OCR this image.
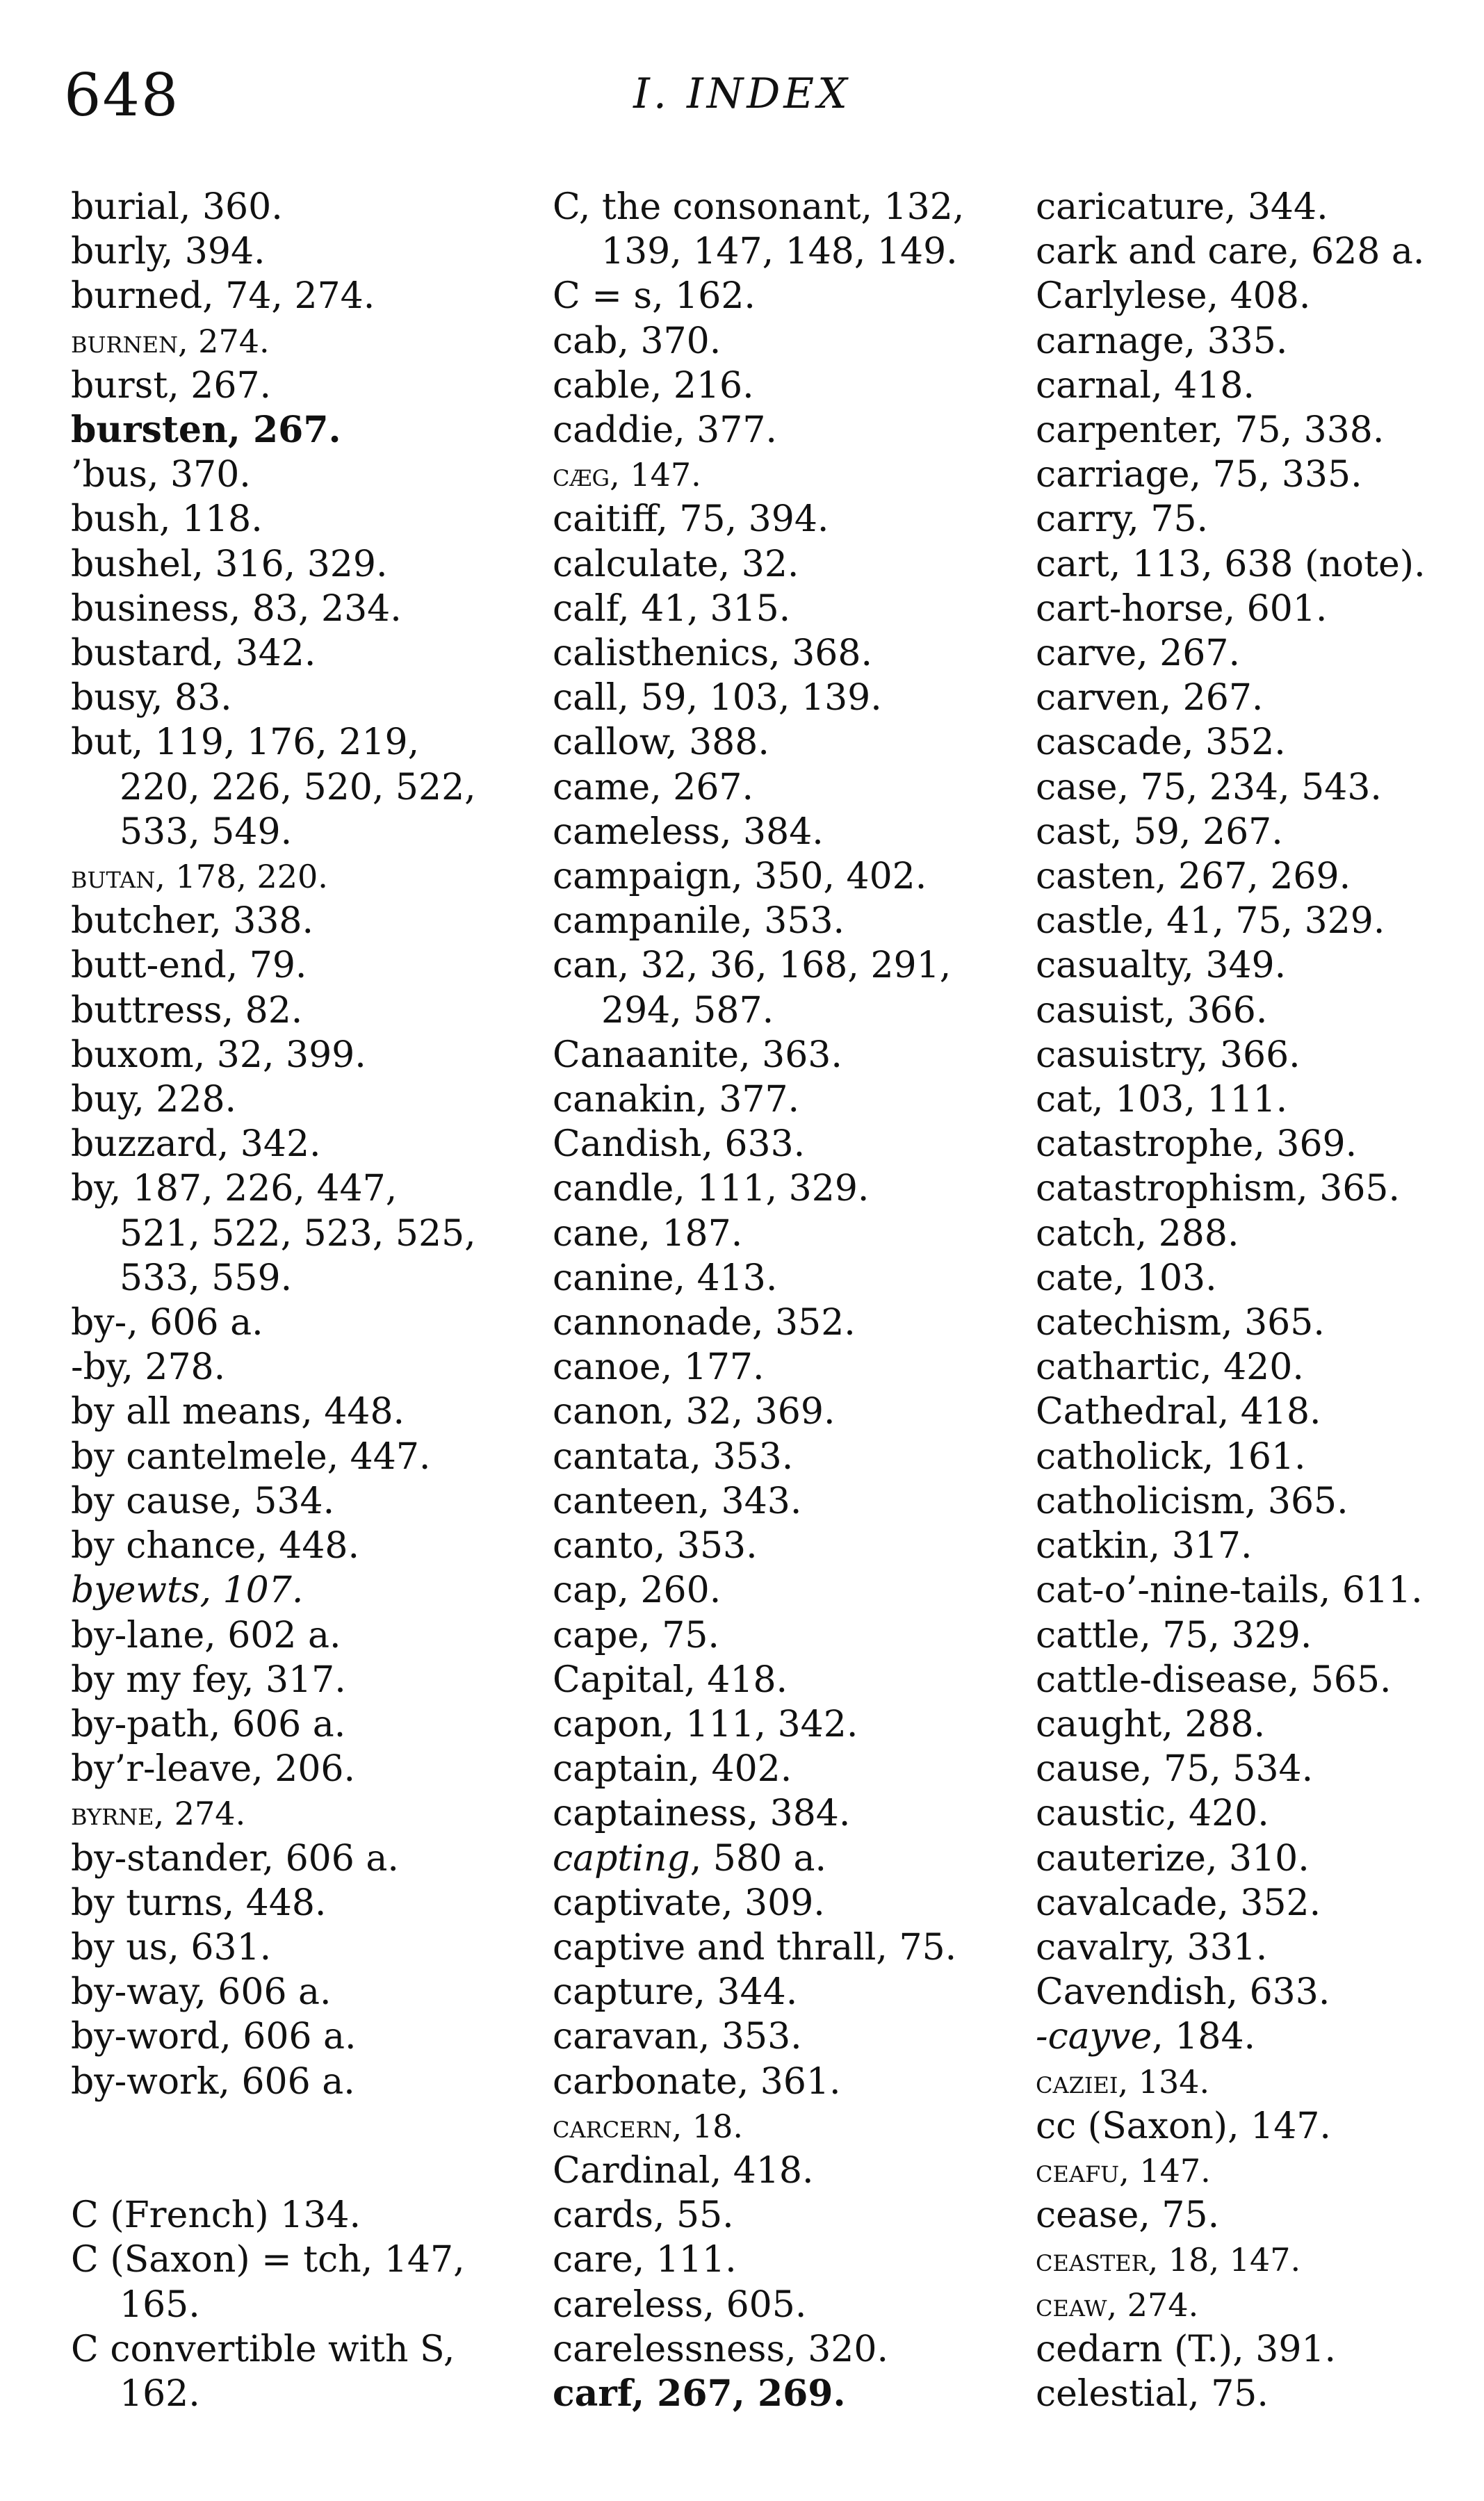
648	I. INDEX
burial, 360.
burly, 394.
burned, 74, 274.
burnen, 274.
burst, 267.
bursten, 267.
’bus, 370.
bush, 118.
bushel, 316, 329.
business, 83, 234.
bustard, 342.
busy, 83.
but, 119, 176, 219,
220, 226, 520, 522,
533, 549.
butan, 178, 220.
butcher, 338.
butt-end, 79.
buttress, 82.
buxom, 32, 399.
buy, 228.
buzzard, 342.
by, 187, 226, 447,
521, 522, 523, 525,
533, 559.
by-, 606 a.
-by, 278.
by all means, 448.
by cantelmele, 447.
by cause, 534.
by chance, 448.
byewts, 107.
by-lane, 602 a.
by my fey, 317.
by-path, 606 a.
by’r-leave, 206.
byrne, 274.
by-stander, 606 a.
by turns, 448.
by us, 631.
by-way, 606 a.
by-word, 606 a.
by-work, 606 a.
C (French) 134.
C (Saxon) = tch, 147,
165.
C convertible with S,
162.
C, the consonant, 132,
139, 147, 148, 149.
C = s, 162.
cab, 370.
cable, 216.
caddie, 377.
cæg, 147.
caitiff, 75, 394.
calculate, 32.
calf, 41, 315.
calisthenics, 368.
call, 59, 103, 139.
callow, 388.
came, 267.
cameless, 384.
campaign, 350, 402.
campanile, 353.
can, 32, 36, 168, 291,
294, 587.
Canaanite, 363.
canakin, 377.
Candish, 633.
candle, 111, 329.
cane, 187.
canine, 413.
cannonade, 352.
canoe, 177.
canon, 32, 369.
cantata, 353.
canteen, 343.
canto, 353.
cap, 260.
cape, 75.
Capital, 418.
capon, 111, 342.
captain, 402.
captainess, 384.
capting, 580 a.
captivate, 309.
captive and thrall, 75.
capture, 344.
caravan, 353.
carbonate, 361.
carcern, 18.
Cardinal, 418.
cards, 55.
care, 111.
careless, 605.
carelessness, 320.
carf, 267, 269.
caricature, 344.
cark and care, 628 a.
Carlylese, 408.
carnage, 335.
carnal, 418.
carpenter, 75, 338.
carriage, 75, 335.
carry, 75.
cart, 113, 638 (note).
cart-horse, 601.
carve, 267.
carven, 267.
cascade, 352.
case, 75, 234, 543.
cast, 59, 267.
casten, 267, 269.
castle, 41, 75, 329.
casualty, 349.
casuist, 366.
casuistry, 366.
cat, 103, 111.
catastrophe, 369.
catastrophism, 365.
catch, 288.
cate, 103.
catechism, 365.
cathartic, 420.
Cathedral, 418.
catholick, 161.
catholicism, 365.
catkin, 317.
cat-o’-nine-tails, 611.
cattle, 75, 329.
cattle-disease, 565.
caught, 288.
cause, 75, 534.
caustic, 420.
cauterize, 310.
cavalcade, 352.
cavalry, 331.
Cavendish, 633.
-cayve, 184.
caziei, 134.
cc (Saxon), 147.
ceafu, 147.
cease, 75.
ceaster, 18, 147.
ceaw, 274.
cedarn (T.), 391.
celestial, 75.
